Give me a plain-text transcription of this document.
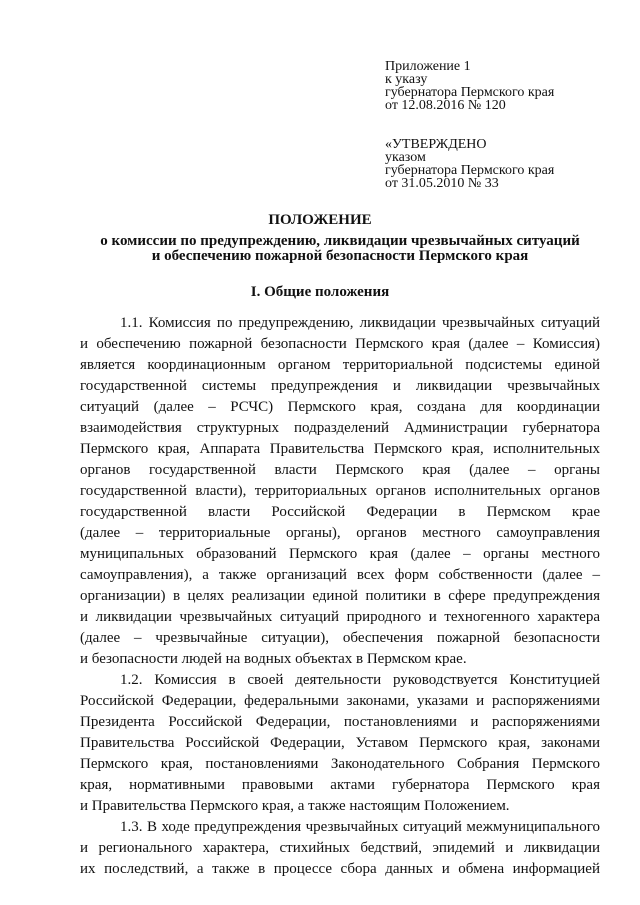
Приложение 1
к указу
губернатора Пермского края
от 12.08.2016 № 120
«УТВЕРЖДЕНО
указом
губернатора Пермского края
от 31.05.2010 № 33
ПОЛОЖЕНИЕ
о комиссии по предупреждению, ликвидации чрезвычайных ситуаций
и обеспечению пожарной безопасности Пермского края
I. Общие положения
1.1. Комиссия по предупреждению, ликвидации чрезвычайных ситуаций
и обеспечению пожарной безопасности Пермского края (далее – Комиссия)
является координационным органом территориальной подсистемы единой
государственной системы предупреждения и ликвидации чрезвычайных
ситуаций (далее – РСЧС) Пермского края, создана для координации
взаимодействия структурных подразделений Администрации губернатора
Пермского края, Аппарата Правительства Пермского края, исполнительных
органов государственной власти Пермского края (далее – органы
государственной власти), территориальных органов исполнительных органов
государственной власти Российской Федерации в Пермском крае
(далее – территориальные органы), органов местного самоуправления
муниципальных образований Пермского края (далее – органы местного
самоуправления), а также организаций всех форм собственности (далее –
организации) в целях реализации единой политики в сфере предупреждения
и ликвидации чрезвычайных ситуаций природного и техногенного характера
(далее – чрезвычайные ситуации), обеспечения пожарной безопасности
и безопасности людей на водных объектах в Пермском крае.
1.2. Комиссия в своей деятельности руководствуется Конституцией
Российской Федерации, федеральными законами, указами и распоряжениями
Президента Российской Федерации, постановлениями и распоряжениями
Правительства Российской Федерации, Уставом Пермского края, законами
Пермского края, постановлениями Законодательного Собрания Пермского
края, нормативными правовыми актами губернатора Пермского края
и Правительства Пермского края, а также настоящим Положением.
1.3. В ходе предупреждения чрезвычайных ситуаций межмуниципального
и регионального характера, стихийных бедствий, эпидемий и ликвидации
их последствий, а также в процессе сбора данных и обмена информацией
